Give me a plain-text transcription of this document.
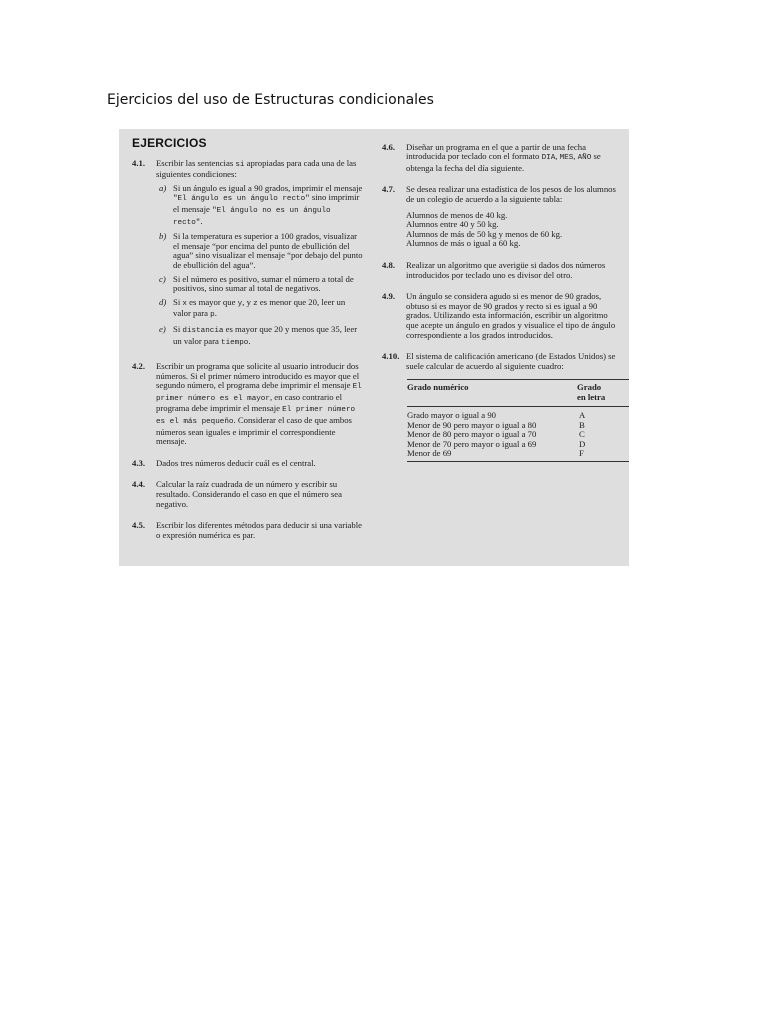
Ejercicios del uso de Estructuras condicionales
EJERCICIOS
4.1.	Escribir las sentencias si apropiadas para cada una de las siguientes condiciones:
a) Si un ángulo es igual a 90 grados, imprimir el mensaje "El ángulo es un ángulo recto" sino imprimir el mensaje "El ángulo no es un ángulo recto".
b) Si la temperatura es superior a 100 grados, visualizar el mensaje “por encima del punto de ebullición del agua” sino visualizar el mensaje “por debajo del punto de ebullición del agua”.
c) Si el número es positivo, sumar el número a total de positivos, sino sumar al total de negativos.
d) Si x es mayor que y, y z es menor que 20, leer un valor para p.
e) Si distancia es mayor que 20 y menos que 35, leer un valor para tiempo.
4.2.	Escribir un programa que solicite al usuario introducir dos números. Si el primer número introducido es mayor que el segundo número, el programa debe imprimir el mensaje El primer número es el mayor, en caso contrario el programa debe imprimir el mensaje El primer número es el más pequeño. Considerar el caso de que ambos números sean iguales e imprimir el correspondiente mensaje.
4.3.	Dados tres números deducir cuál es el central.
4.4.	Calcular la raíz cuadrada de un número y escribir su resultado. Considerando el caso en que el número sea negativo.
4.5.	Escribir los diferentes métodos para deducir si una variable o expresión numérica es par.
4.6.	Diseñar un programa en el que a partir de una fecha introducida por teclado con el formato DIA, MES, AÑO se obtenga la fecha del día siguiente.
4.7.	Se desea realizar una estadística de los pesos de los alumnos de un colegio de acuerdo a la siguiente tabla:
Alumnos de menos de 40 kg.
Alumnos entre 40 y 50 kg.
Alumnos de más de 50 kg y menos de 60 kg.
Alumnos de más o igual a 60 kg.
4.8.	Realizar un algoritmo que averigüe si dados dos números introducidos por teclado uno es divisor del otro.
4.9.	Un ángulo se considera agudo si es menor de 90 grados, obtuso si es mayor de 90 grados y recto si es igual a 90 grados. Utilizando esta información, escribir un algoritmo que acepte un ángulo en grados y visualice el tipo de ángulo correspondiente a los grados introducidos.
4.10. El sistema de calificación americano (de Estados Unidos) se suele calcular de acuerdo al siguiente cuadro:
Grado numérico	Grado
en letra
Grado mayor o igual a 90	A
Menor de 90 pero mayor o igual a 80	B
Menor de 80 pero mayor o igual a 70	C
Menor de 70 pero mayor o igual a 69	D
Menor de 69	F
